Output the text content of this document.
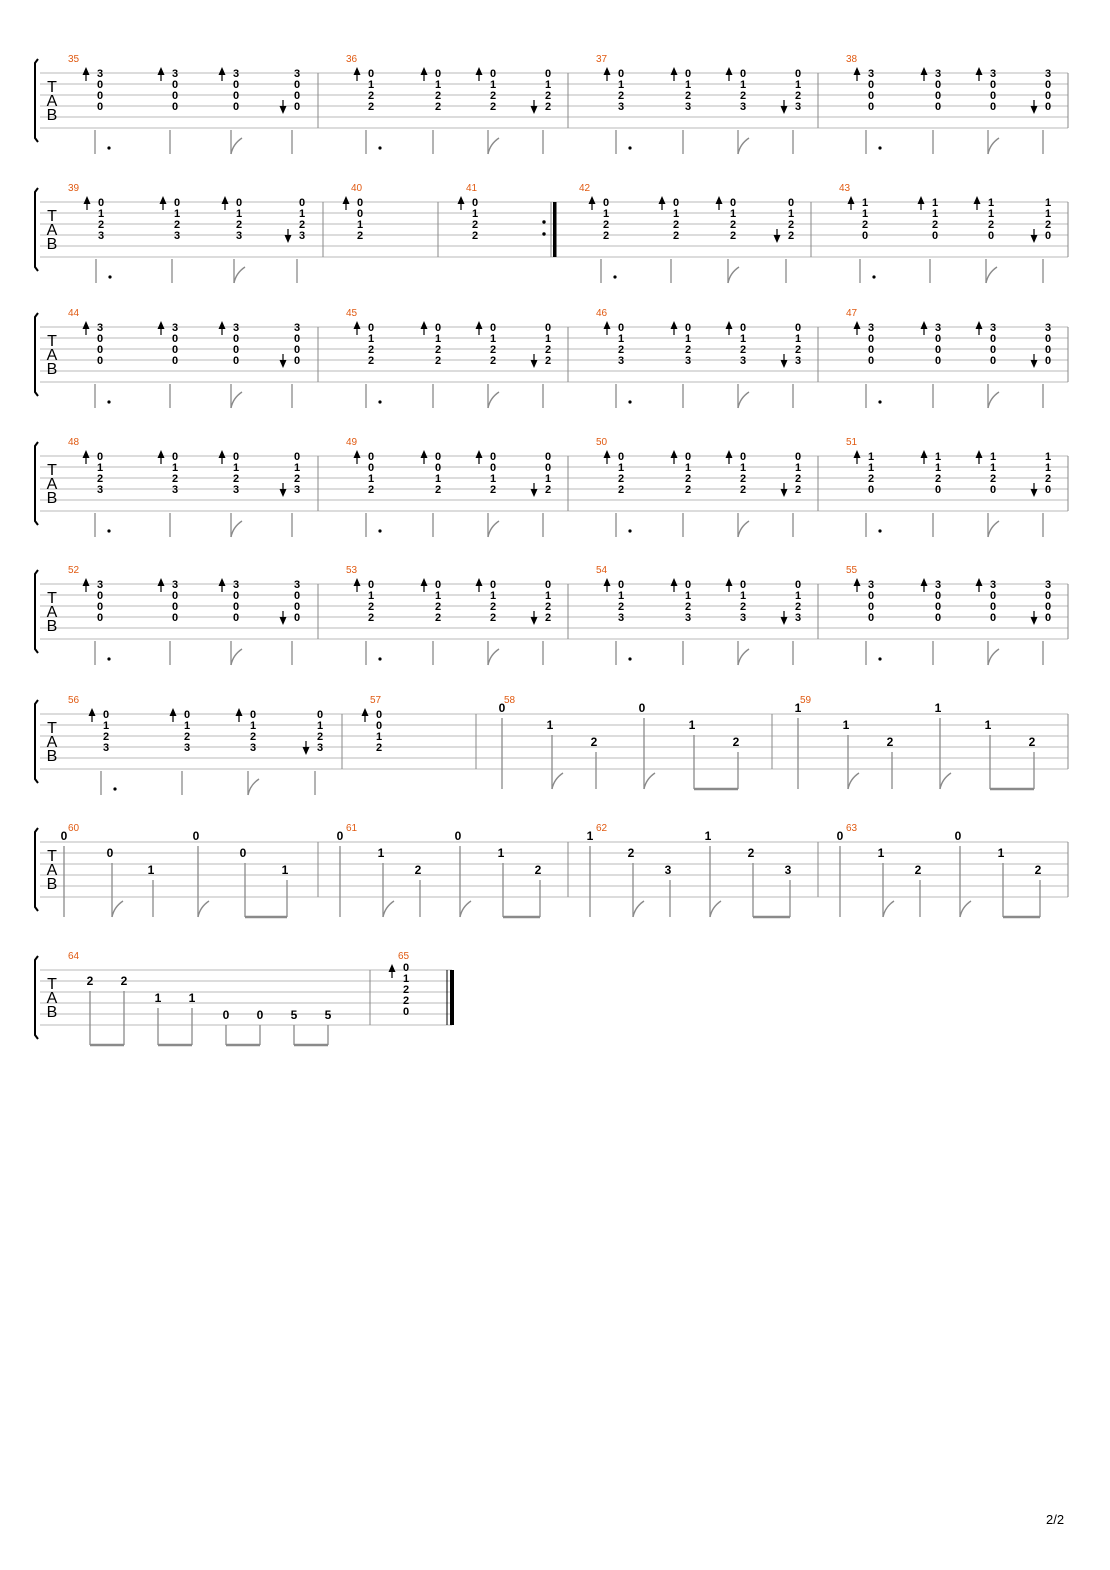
T
A
B
35
3
0
0
0
3
0
0
0
3
0
0
0
3
0
0
0
36
0
1
2
2
0
1
2
2
0
1
2
2
0
1
2
2
37
0
1
2
3
0
1
2
3
0
1
2
3
0
1
2
3
38
3
0
0
0
3
0
0
0
3
0
0
0
3
0
0
0
T
A
B
39
0
1
2
3
0
1
2
3
0
1
2
3
0
1
2
3
40
0
0
1
2
41
0
1
2
2
42
0
1
2
2
0
1
2
2
0
1
2
2
0
1
2
2
43
1
1
2
0
1
1
2
0
1
1
2
0
1
1
2
0
T
A
B
44
3
0
0
0
3
0
0
0
3
0
0
0
3
0
0
0
45
0
1
2
2
0
1
2
2
0
1
2
2
0
1
2
2
46
0
1
2
3
0
1
2
3
0
1
2
3
0
1
2
3
47
3
0
0
0
3
0
0
0
3
0
0
0
3
0
0
0
T
A
B
48
0
1
2
3
0
1
2
3
0
1
2
3
0
1
2
3
49
0
0
1
2
0
0
1
2
0
0
1
2
0
0
1
2
50
0
1
2
2
0
1
2
2
0
1
2
2
0
1
2
2
51
1
1
2
0
1
1
2
0
1
1
2
0
1
1
2
0
T
A
B
52
3
0
0
0
3
0
0
0
3
0
0
0
3
0
0
0
53
0
1
2
2
0
1
2
2
0
1
2
2
0
1
2
2
54
0
1
2
3
0
1
2
3
0
1
2
3
0
1
2
3
55
3
0
0
0
3
0
0
0
3
0
0
0
3
0
0
0
T
A
B
56
0
1
2
3
0
1
2
3
0
1
2
3
0
1
2
3
57
0
0
1
2
58
0
1
2
0
1
2
59
1
1
2
1
1
2
T
A
B
60
0
0
1
0
0
1
61
0
1
2
0
1
2
62
1
2
3
1
2
3
63
0
1
2
0
1
2
T
A
B
64
2 2
1 1
0 0 5 5
65
0
1
2
2
0
2/2
